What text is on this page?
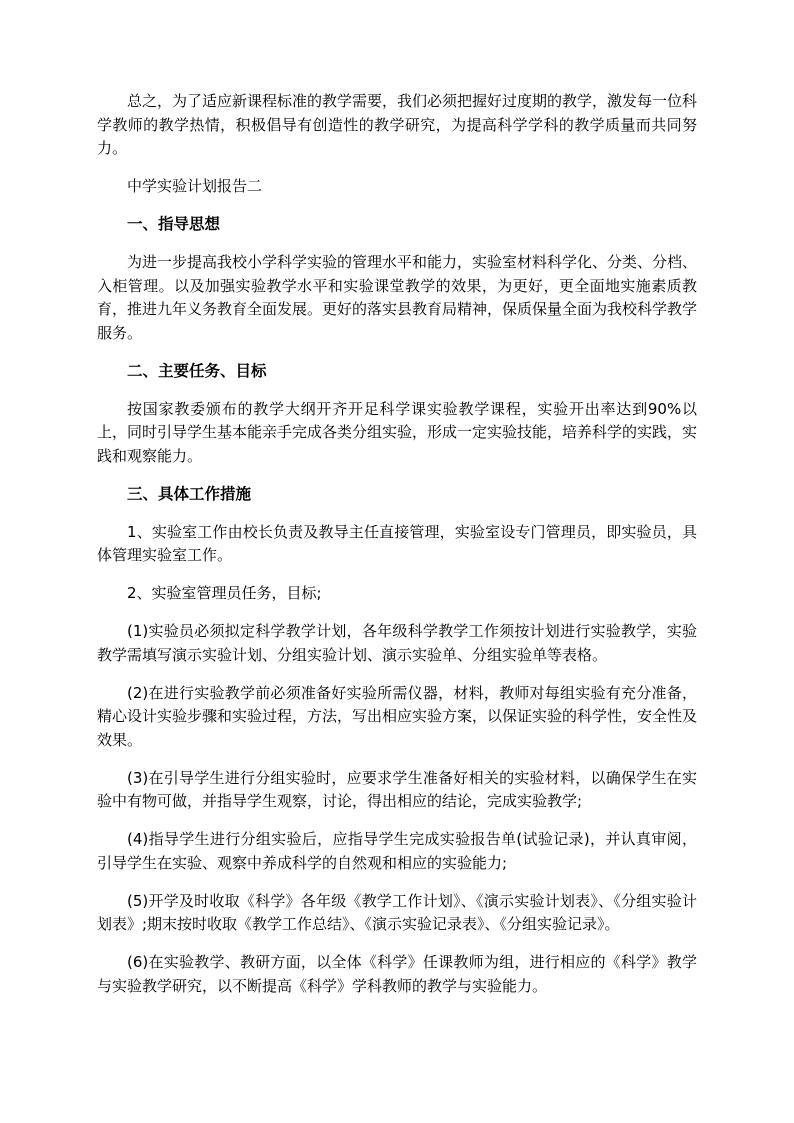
总之，为了适应新课程标准的教学需要，我们必须把握好过度期的教学，激发每一位科学教师的教学热情，积极倡导有创造性的教学研究，为提高科学学科的教学质量而共同努力。

中学实验计划报告二

一、指导思想

为进一步提高我校小学科学实验的管理水平和能力，实验室材料科学化、分类、分档、入柜管理。以及加强实验教学水平和实验课堂教学的效果，为更好，更全面地实施素质教育，推进九年义务教育全面发展。更好的落实县教育局精神，保质保量全面为我校科学教学服务。

二、主要任务、目标

按国家教委颁布的教学大纲开齐开足科学课实验教学课程，实验开出率达到90%以上，同时引导学生基本能亲手完成各类分组实验，形成一定实验技能，培养科学的实践，实践和观察能力。

三、具体工作措施

1、实验室工作由校长负责及教导主任直接管理，实验室设专门管理员，即实验员，具体管理实验室工作。

2、实验室管理员任务，目标;

(1)实验员必须拟定科学教学计划，各年级科学教学工作须按计划进行实验教学，实验教学需填写演示实验计划、分组实验计划、演示实验单、分组实验单等表格。

(2)在进行实验教学前必须准备好实验所需仪器，材料，教师对每组实验有充分准备，精心设计实验步骤和实验过程，方法，写出相应实验方案，以保证实验的科学性，安全性及效果。

(3)在引导学生进行分组实验时，应要求学生准备好相关的实验材料，以确保学生在实验中有物可做，并指导学生观察，讨论，得出相应的结论，完成实验教学;

(4)指导学生进行分组实验后，应指导学生完成实验报告单(试验记录)，并认真审阅，引导学生在实验、观察中养成科学的自然观和相应的实验能力;

(5)开学及时收取《科学》各年级《教学工作计划》、《演示实验计划表》、《分组实验计划表》;期末按时收取《教学工作总结》、《演示实验记录表》、《分组实验记录》。

(6)在实验教学、教研方面，以全体《科学》任课教师为组，进行相应的《科学》教学与实验教学研究，以不断提高《科学》学科教师的教学与实验能力。
